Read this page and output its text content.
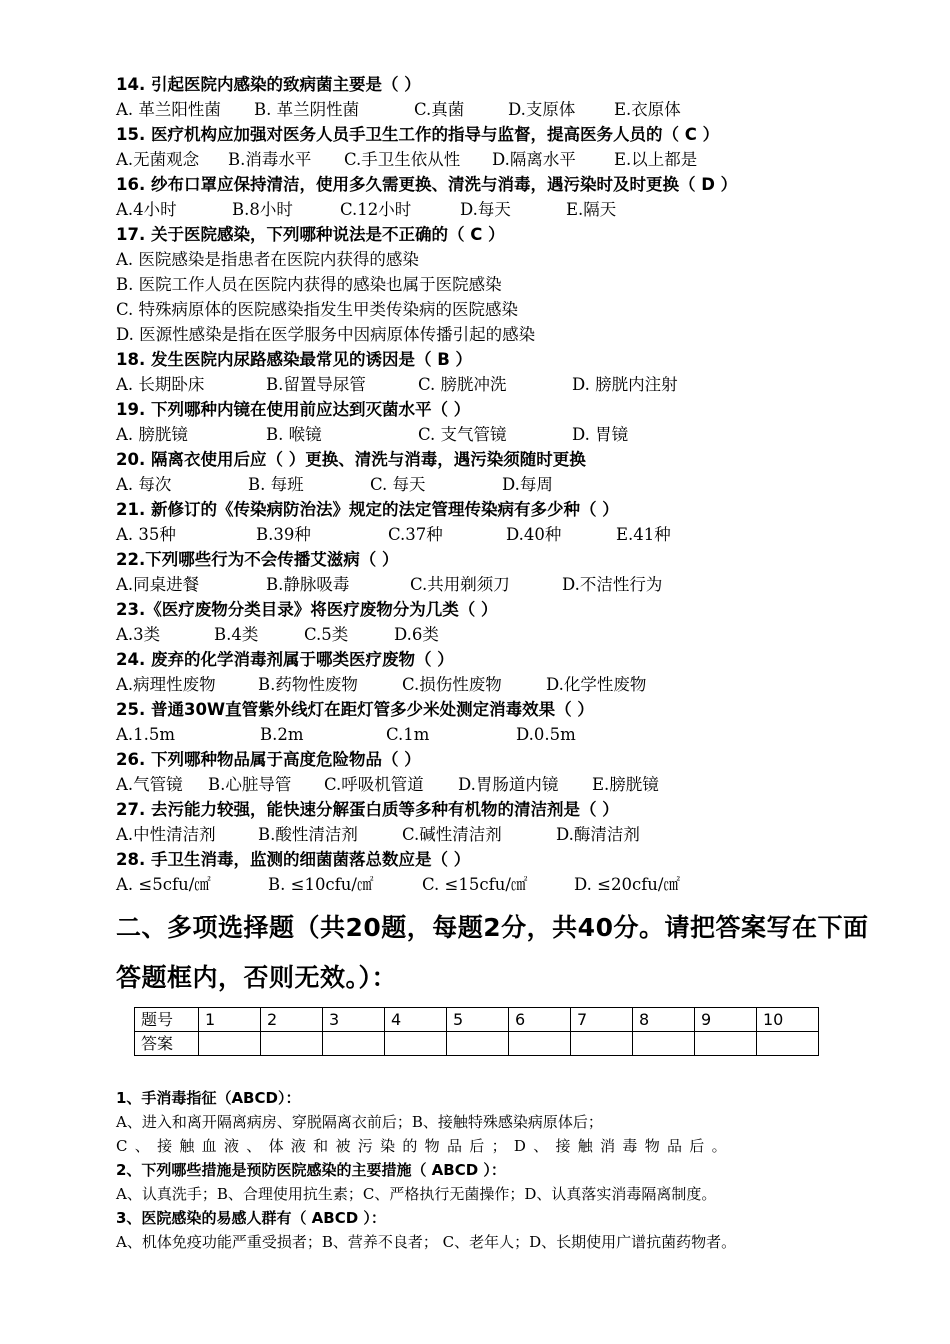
14. 引起医院内感染的致病菌主要是（ ）
A. 革兰阳性菌	B. 革兰阴性菌	C.真菌	D.支原体	E.衣原体
15. 医疗机构应加强对医务人员手卫生工作的指导与监督，提高医务人员的（ C ）
A.无菌观念	B.消毒水平	C.手卫生依从性	D.隔离水平	E.以上都是
16. 纱布口罩应保持清洁，使用多久需更换、清洗与消毒，遇污染时及时更换（ D ）
A.4小时	B.8小时	C.12小时	D.每天	E.隔天
17. 关于医院感染，下列哪种说法是不正确的（ C ）
A. 医院感染是指患者在医院内获得的感染
B. 医院工作人员在医院内获得的感染也属于医院感染
C. 特殊病原体的医院感染指发生甲类传染病的医院感染
D. 医源性感染是指在医学服务中因病原体传播引起的感染
18. 发生医院内尿路感染最常见的诱因是（ B ）
A. 长期卧床	B.留置导尿管	C. 膀胱冲洗	D. 膀胱内注射
19. 下列哪种内镜在使用前应达到灭菌水平（ ）
A. 膀胱镜	B. 喉镜	C. 支气管镜	D. 胃镜
20. 隔离衣使用后应（ ）更换、清洗与消毒，遇污染须随时更换
A. 每次	B. 每班	C. 每天	D.每周
21. 新修订的《传染病防治法》规定的法定管理传染病有多少种（ ）
A. 35种	B.39种	C.37种	D.40种	E.41种
22.下列哪些行为不会传播艾滋病（ ）
A.同桌进餐	B.静脉吸毒	C.共用剃须刀	D.不洁性行为
23.《医疗废物分类目录》将医疗废物分为几类（ ）
A.3类	B.4类	C.5类	D.6类
24. 废弃的化学消毒剂属于哪类医疗废物（ ）
A.病理性废物	B.药物性废物	C.损伤性废物	D.化学性废物
25. 普通30W直管紫外线灯在距灯管多少米处测定消毒效果（ ）
A.1.5m	B.2m	C.1m	D.0.5m
26. 下列哪种物品属于高度危险物品（ ）
A.气管镜	B.心脏导管	C.呼吸机管道	D.胃肠道内镜	E.膀胱镜
27. 去污能力较强，能快速分解蛋白质等多种有机物的清洁剂是（ ）
A.中性清洁剂	B.酸性清洁剂	C.碱性清洁剂	D.酶清洁剂
28. 手卫生消毒，监测的细菌菌落总数应是（ ）
A. ≤5cfu/㎠	B. ≤10cfu/㎠	C. ≤15cfu/㎠	D. ≤20cfu/㎠
二、多项选择题（共20题，每题2分，共40分。请把答案写在下面
答题框内，否则无效。）：
题号	1	2	3	4	5	6	7	8	9	10
答案										
1、手消毒指征（ABCD）：
A、进入和离开隔离病房、穿脱隔离衣前后；B、接触特殊感染病原体后；
C、接触血液、体液和被污染的物品后；D、接触消毒物品后。
2、下列哪些措施是预防医院感染的主要措施（ ABCD ）：
A、认真洗手；B、合理使用抗生素；C、严格执行无菌操作；D、认真落实消毒隔离制度。
3、医院感染的易感人群有（ ABCD ）：
A、机体免疫功能严重受损者；B、营养不良者； C、老年人；D、长期使用广谱抗菌药物者。
